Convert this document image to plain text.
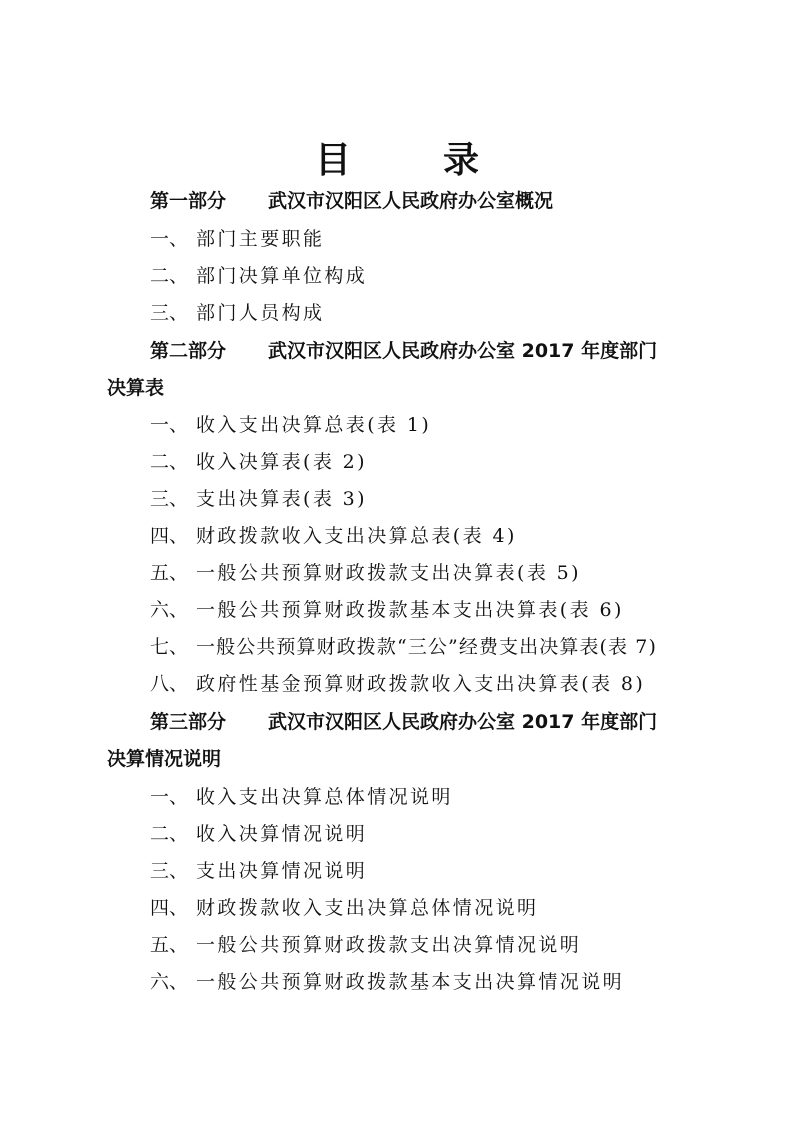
目	录
第一部分 武汉市汉阳区人民政府办公室概况
一、 部门主要职能
二、 部门决算单位构成
三、 部门人员构成
第二部分 武汉市汉阳区人民政府办公室 2017 年度部门
决算表
一、 收入支出决算总表(表 1)
二、 收入决算表(表 2)
三、 支出决算表(表 3)
四、 财政拨款收入支出决算总表(表 4)
五、 一般公共预算财政拨款支出决算表(表 5)
六、 一般公共预算财政拨款基本支出决算表(表 6)
七、 一般公共预算财政拨款“三公”经费支出决算表(表 7)
八、 政府性基金预算财政拨款收入支出决算表(表 8)
第三部分 武汉市汉阳区人民政府办公室 2017 年度部门
决算情况说明
一、 收入支出决算总体情况说明
二、 收入决算情况说明
三、 支出决算情况说明
四、 财政拨款收入支出决算总体情况说明
五、 一般公共预算财政拨款支出决算情况说明
六、 一般公共预算财政拨款基本支出决算情况说明
